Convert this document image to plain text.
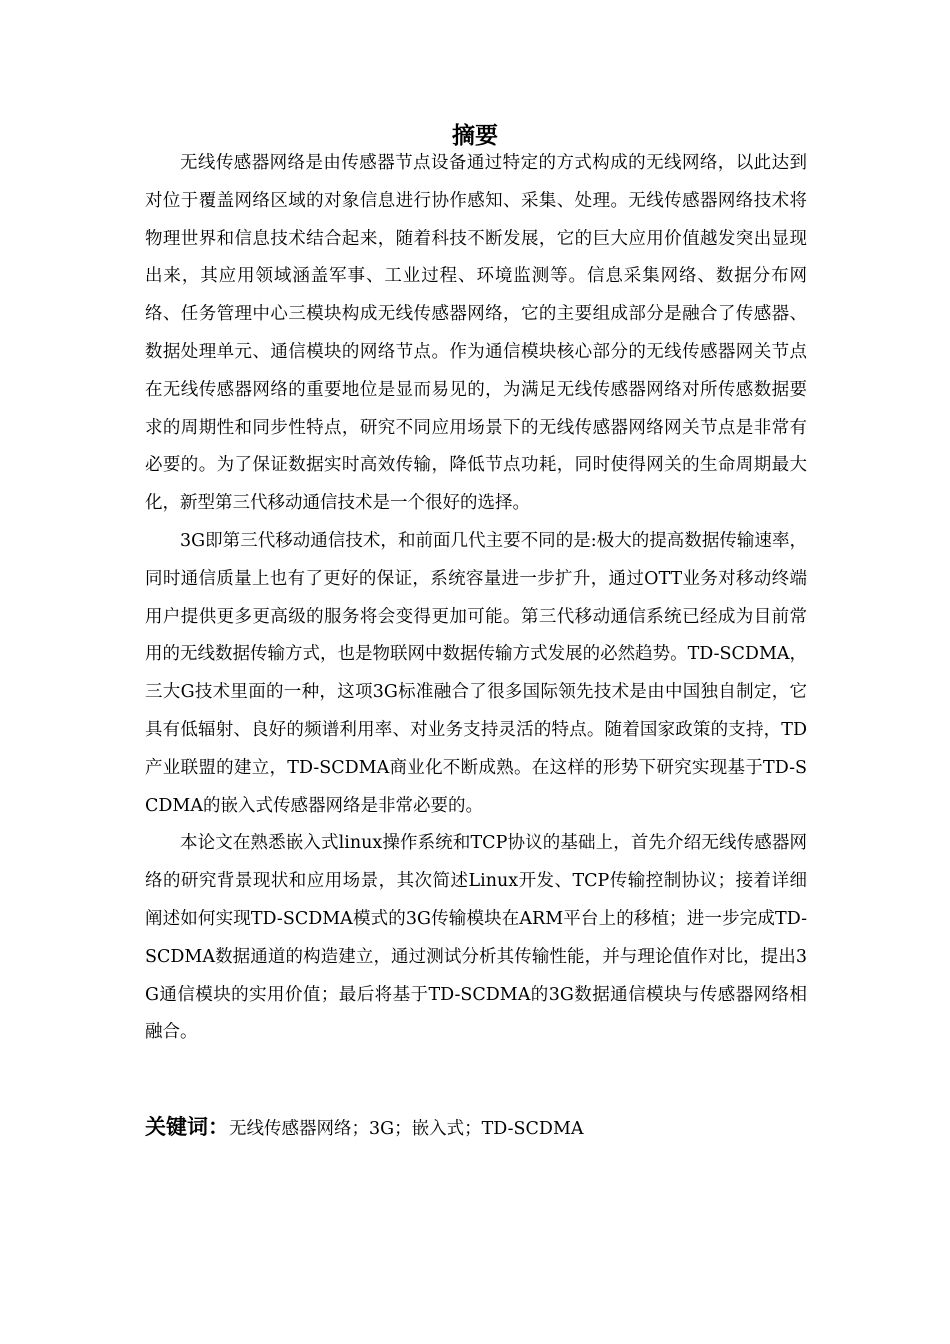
摘要

无线传感器网络是由传感器节点设备通过特定的方式构成的无线网络，以此达到对位于覆盖网络区域的对象信息进行协作感知、采集、处理。无线传感器网络技术将物理世界和信息技术结合起来，随着科技不断发展，它的巨大应用价值越发突出显现出来，其应用领域涵盖军事、工业过程、环境监测等。信息采集网络、数据分布网络、任务管理中心三模块构成无线传感器网络，它的主要组成部分是融合了传感器、数据处理单元、通信模块的网络节点。作为通信模块核心部分的无线传感器网关节点在无线传感器网络的重要地位是显而易见的，为满足无线传感器网络对所传感数据要求的周期性和同步性特点，研究不同应用场景下的无线传感器网络网关节点是非常有必要的。为了保证数据实时高效传输，降低节点功耗，同时使得网关的生命周期最大化，新型第三代移动通信技术是一个很好的选择。

3G即第三代移动通信技术，和前面几代主要不同的是:极大的提高数据传输速率，同时通信质量上也有了更好的保证，系统容量进一步扩升，通过OTT业务对移动终端用户提供更多更高级的服务将会变得更加可能。第三代移动通信系统已经成为目前常用的无线数据传输方式，也是物联网中数据传输方式发展的必然趋势。TD-SCDMA，三大G技术里面的一种，这项3G标准融合了很多国际领先技术是由中国独自制定，它具有低辐射、良好的频谱利用率、对业务支持灵活的特点。随着国家政策的支持，TD产业联盟的建立，TD-SCDMA商业化不断成熟。在这样的形势下研究实现基于TD-SCDMA的嵌入式传感器网络是非常必要的。

本论文在熟悉嵌入式linux操作系统和TCP协议的基础上，首先介绍无线传感器网络的研究背景现状和应用场景，其次简述Linux开发、TCP传输控制协议；接着详细阐述如何实现TD-SCDMA模式的3G传输模块在ARM平台上的移植；进一步完成TD-SCDMA数据通道的构造建立，通过测试分析其传输性能，并与理论值作对比，提出3G通信模块的实用价值；最后将基于TD-SCDMA的3G数据通信模块与传感器网络相融合。

关键词：无线传感器网络；3G；嵌入式；TD-SCDMA
